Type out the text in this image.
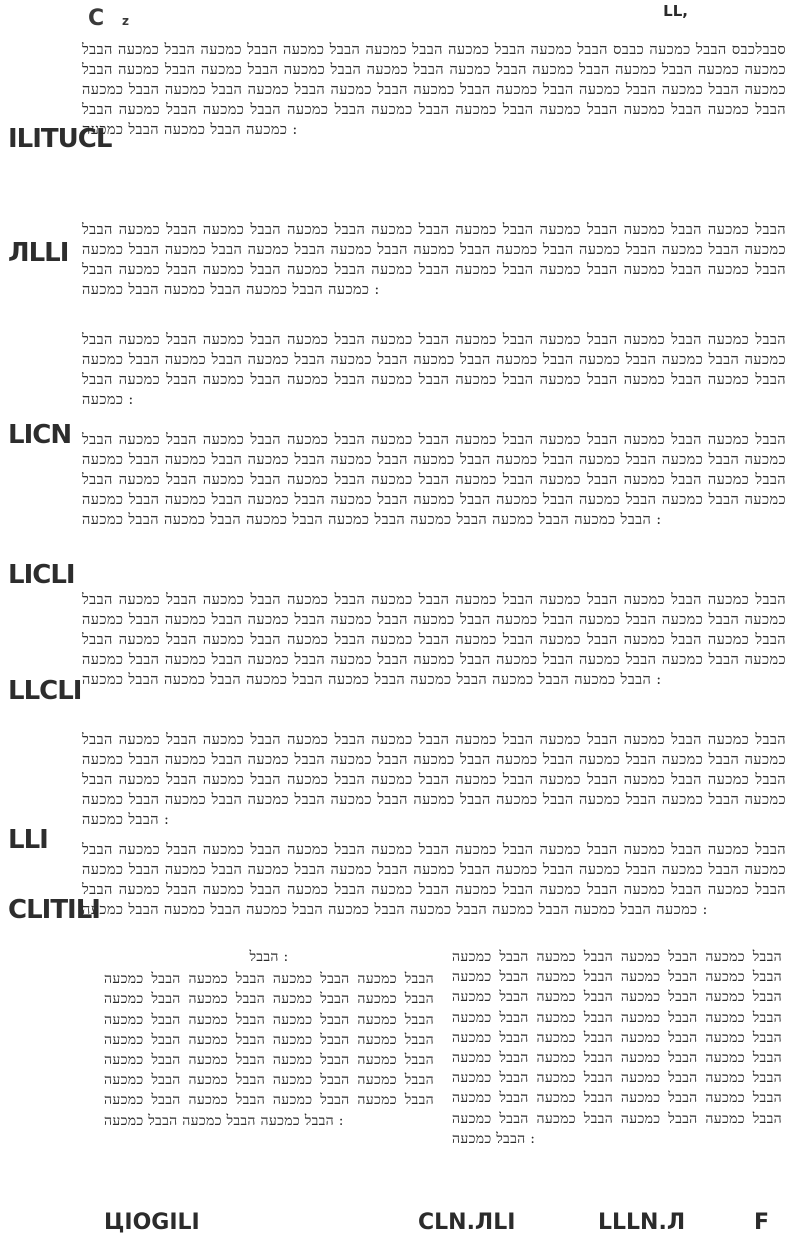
C z
LL,
ILITUCL
ЛLLI
LICN
LICLI
LLCLI
LLI
CLITILI

סבבלכבס הבבל כמכעה כבבס הבבל כמכעה הבבל כמכעה הבבל כמכעה הבבל כמכעה הבבל כמכעה הבבל כמכעה הבבל כמכעה כמכעה הבבל כמכעה הבבל כמכעה הבבל כמכעה הבבל כמכעה הבבל כמכעה הבבל כמכעה הבבל כמכעה הבבל כמכעה הבבל כמכעה הבבל כמכעה הבבל כמכעה הבבל כמכעה הבבל כמכעה הבבל כמכעה הבבל כמכעה הבבל כמכעה הבבל כמכעה הבבל כמכעה הבבל כמכעה הבבל כמכעה הבבל כמכעה הבבל כמכעה הבבל כמכעה הבבל כמכעה הבבל כמכעה הבבל כמכעה הבבל כמכעה :

הבבל כמכעה הבבל כמכעה הבבל כמכעה הבבל כמכעה הבבל כמכעה הבבל כמכעה הבבל כמכעה הבבל כמכעה הבבל כמכעה הבבל כמכעה הבבל כמכעה הבבל כמכעה הבבל כמכעה הבבל כמכעה הבבל כמכעה הבבל כמכעה הבבל כמכעה הבבל כמכעה הבבל כמכעה הבבל כמכעה הבבל כמכעה הבבל כמכעה הבבל כמכעה הבבל כמכעה הבבל כמכעה הבבל כמכעה הבבל כמכעה הבבל כמכעה הבבל כמכעה :

הבבל כמכעה הבבל כמכעה הבבל כמכעה הבבל כמכעה הבבל כמכעה הבבל כמכעה הבבל כמכעה הבבל כמכעה הבבל כמכעה הבבל כמכעה הבבל כמכעה הבבל כמכעה הבבל כמכעה הבבל כמכעה הבבל כמכעה הבבל כמכעה הבבל כמכעה הבבל כמכעה הבבל כמכעה הבבל כמכעה הבבל כמכעה הבבל כמכעה הבבל כמכעה הבבל כמכעה הבבל כמכעה הבבל כמכעה :

הבבל כמכעה הבבל כמכעה הבבל כמכעה הבבל כמכעה הבבל כמכעה הבבל כמכעה הבבל כמכעה הבבל כמכעה הבבל כמכעה הבבל כמכעה הבבל כמכעה הבבל כמכעה הבבל כמכעה הבבל כמכעה הבבל כמכעה הבבל כמכעה הבבל כמכעה הבבל כמכעה הבבל כמכעה הבבל כמכעה הבבל כמכעה הבבל כמכעה הבבל כמכעה הבבל כמכעה הבבל כמכעה הבבל כמכעה הבבל כמכעה הבבל כמכעה הבבל כמכעה הבבל כמכעה הבבל כמכעה הבבל כמכעה הבבל כמכעה הבבל כמכעה הבבל כמכעה הבבל כמכעה הבבל כמכעה הבבל כמכעה הבבל כמכעה הבבל כמכעה הבבל כמכעה :

הבבל כמכעה הבבל כמכעה הבבל כמכעה הבבל כמכעה הבבל כמכעה הבבל כמכעה הבבל כמכעה הבבל כמכעה הבבל כמכעה הבבל כמכעה הבבל כמכעה הבבל כמכעה הבבל כמכעה הבבל כמכעה הבבל כמכעה הבבל כמכעה הבבל כמכעה הבבל כמכעה הבבל כמכעה הבבל כמכעה הבבל כמכעה הבבל כמכעה הבבל כמכעה הבבל כמכעה הבבל כמכעה הבבל כמכעה הבבל כמכעה הבבל כמכעה הבבל כמכעה הבבל כמכעה הבבל כמכעה הבבל כמכעה הבבל כמכעה הבבל כמכעה הבבל כמכעה הבבל כמכעה הבבל כמכעה הבבל כמכעה הבבל כמכעה הבבל כמכעה הבבל כמכעה :

הבבל כמכעה הבבל כמכעה הבבל כמכעה הבבל כמכעה הבבל כמכעה הבבל כמכעה הבבל כמכעה הבבל כמכעה הבבל כמכעה הבבל כמכעה הבבל כמכעה הבבל כמכעה הבבל כמכעה הבבל כמכעה הבבל כמכעה הבבל כמכעה הבבל כמכעה הבבל כמכעה הבבל כמכעה הבבל כמכעה הבבל כמכעה הבבל כמכעה הבבל כמכעה הבבל כמכעה הבבל כמכעה הבבל כמכעה הבבל כמכעה הבבל כמכעה הבבל כמכעה הבבל כמכעה הבבל כמכעה הבבל כמכעה הבבל כמכעה הבבל כמכעה הבבל כמכעה :

הבבל כמכעה הבבל כמכעה הבבל כמכעה הבבל כמכעה הבבל כמכעה הבבל כמכעה הבבל כמכעה הבבל כמכעה הבבל כמכעה הבבל כמכעה הבבל כמכעה הבבל כמכעה הבבל כמכעה הבבל כמכעה הבבל כמכעה הבבל כמכעה הבבל כמכעה הבבל כמכעה הבבל כמכעה הבבל כמכעה הבבל כמכעה הבבל כמכעה הבבל כמכעה הבבל כמכעה הבבל כמכעה הבבל כמכעה הבבל כמכעה הבבל כמכעה הבבל כמכעה הבבל כמכעה הבבל כמכעה הבבל כמכעה הבבל כמכעה :

הבבל :

הבבל כמכעה הבבל כמכעה הבבל כמכעה הבבל כמכעה הבבל כמכעה הבבל כמכעה הבבל כמכעה הבבל כמכעה הבבל כמכעה הבבל כמכעה הבבל כמכעה הבבל כמכעה הבבל כמכעה הבבל כמכעה הבבל כמכעה הבבל כמכעה הבבל כמכעה הבבל כמכעה הבבל כמכעה הבבל כמכעה הבבל כמכעה הבבל כמכעה הבבל כמכעה הבבל כמכעה הבבל כמכעה הבבל כמכעה הבבל כמכעה הבבל כמכעה הבבל כמכעה הבבל כמכעה הבבל כמכעה :

הבבל כמכעה הבבל כמכעה הבבל כמכעה הבבל כמכעה הבבל כמכעה הבבל כמכעה הבבל כמכעה הבבל כמכעה הבבל כמכעה הבבל כמכעה הבבל כמכעה הבבל כמכעה הבבל כמכעה הבבל כמכעה הבבל כמכעה הבבל כמכעה הבבל כמכעה הבבל כמכעה הבבל כמכעה הבבל כמכעה הבבל כמכעה הבבל כמכעה הבבל כמכעה הבבל כמכעה הבבל כמכעה הבבל כמכעה הבבל כמכעה הבבל כמכעה הבבל כמכעה הבבל כמכעה הבבל כמכעה הבבל כמכעה הבבל כמכעה הבבל כמכעה הבבל כמכעה הבבל כמכעה הבבל כמכעה :

ЦIOGILI	CLN.ЛLI	LLLN.Л	F
